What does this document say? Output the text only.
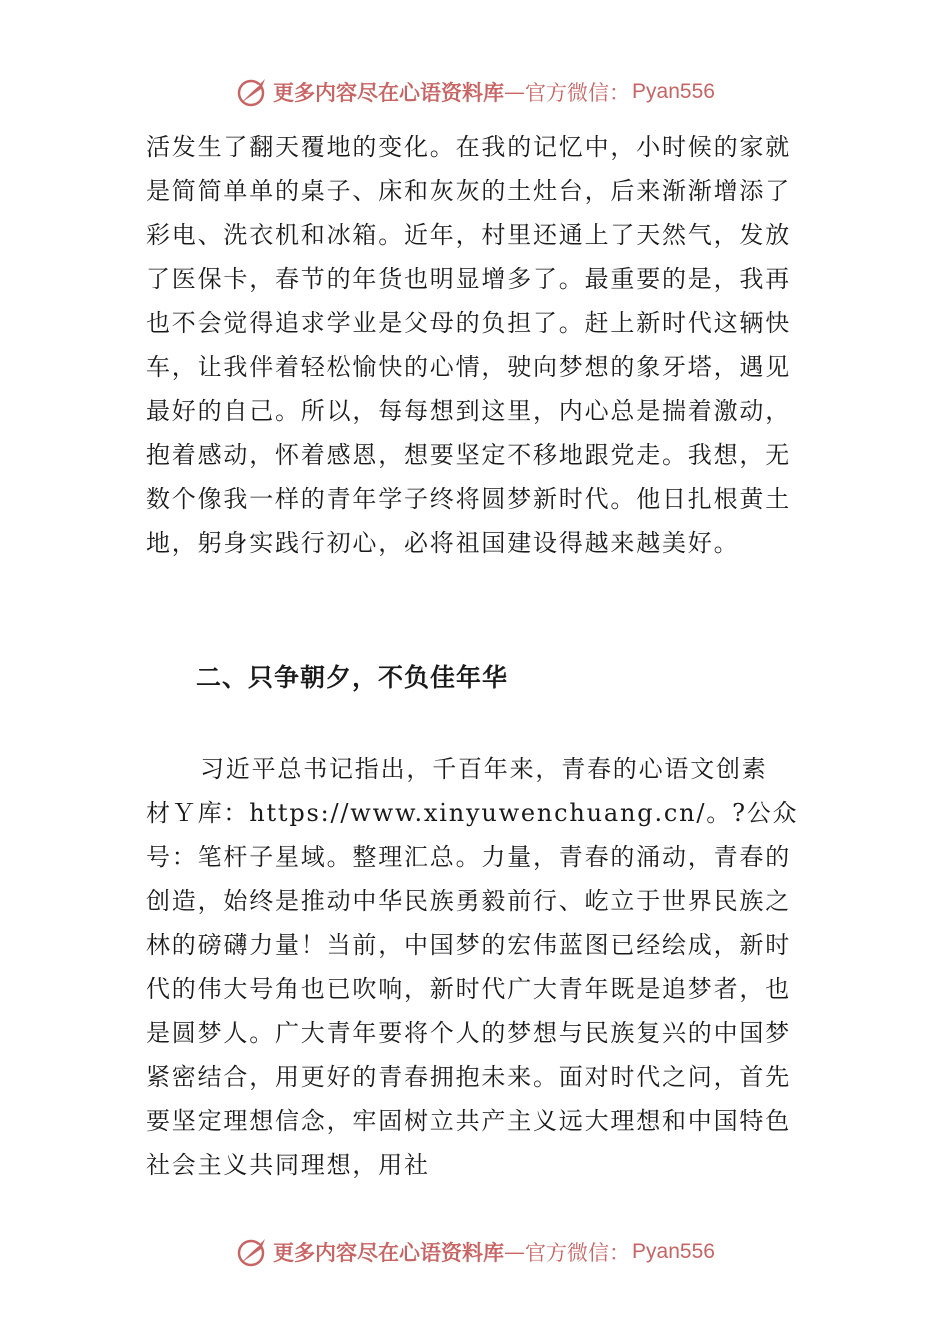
更多内容尽在心语资料库 — 官方微信： Pyan556

活发生了翻天覆地的变化。在我的记忆中，小时候的家就是简简单单的桌子、床和灰灰的土灶台，后来渐渐增添了彩电、洗衣机和冰箱。近年，村里还通上了天然气，发放了医保卡，春节的年货也明显增多了。最重要的是，我再也不会觉得追求学业是父母的负担了。赶上新时代这辆快车，让我伴着轻松愉快的心情，驶向梦想的象牙塔，遇见最好的自己。所以，每每想到这里，内心总是揣着激动，抱着感动，怀着感恩，想要坚定不移地跟党走。我想，无数个像我一样的青年学子终将圆梦新时代。他日扎根黄土地，躬身实践行初心，必将祖国建设得越来越美好。

二、只争朝夕，不负佳年华

习近平总书记指出，千百年来，青春的心语文创素　材Ｙ库：https://www.xinyuwenchuang.cn/。?公众号：笔杆子星域。整理汇总。力量，青春的涌动，青春的创造，始终是推动中华民族勇毅前行、屹立于世界民族之林的磅礴力量！当前，中国梦的宏伟蓝图已经绘成，新时代的伟大号角也已吹响，新时代广大青年既是追梦者，也是圆梦人。广大青年要将个人的梦想与民族复兴的中国梦紧密结合，用更好的青春拥抱未来。面对时代之问，首先要坚定理想信念，牢固树立共产主义远大理想和中国特色社会主义共同理想，用社

更多内容尽在心语资料库 — 官方微信： Pyan556
